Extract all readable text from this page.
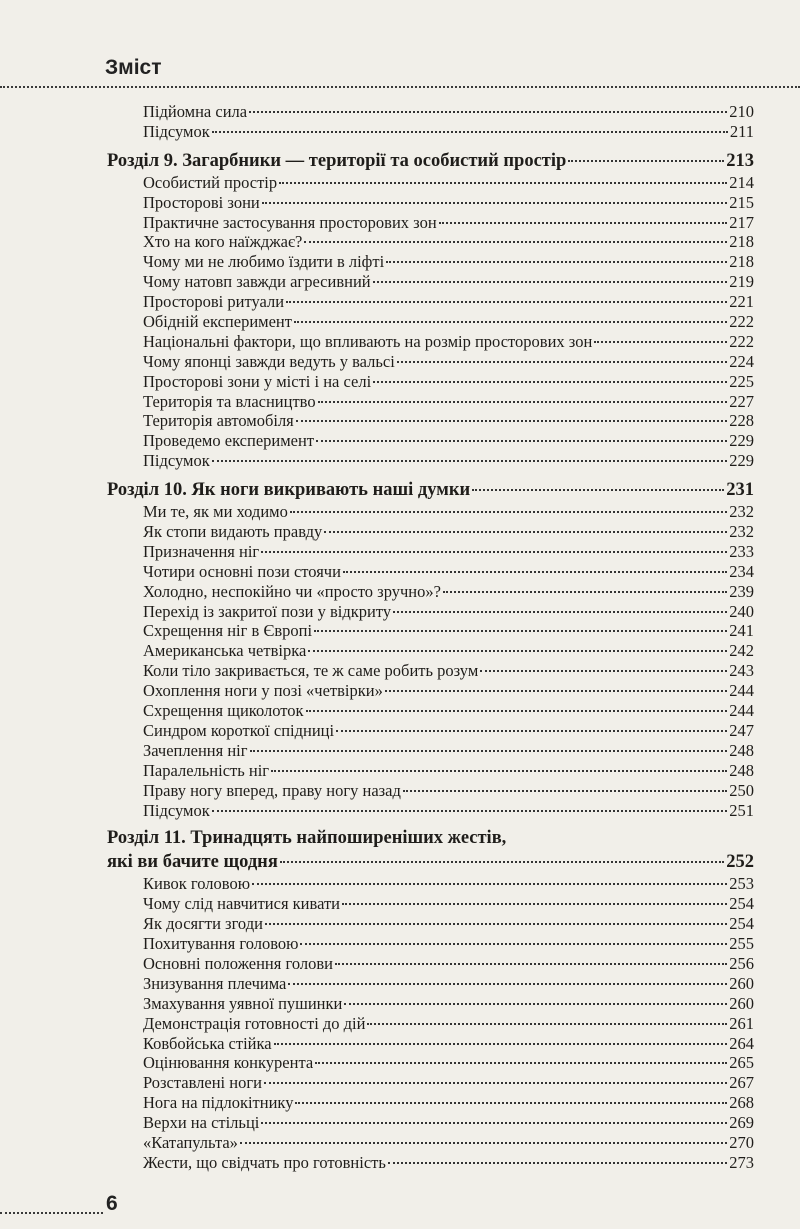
Зміст
Підйомна сила	210
Підсумок	211
Розділ 9. Загарбники — території та особистий простір	213
Особистий простір	214
Просторові зони	215
Практичне застосування просторових зон	217
Хто на кого наїжджає?	218
Чому ми не любимо їздити в ліфті	218
Чому натовп завжди агресивний	219
Просторові ритуали	221
Обідній експеримент	222
Національні фактори, що впливають на розмір просторових зон	222
Чому японці завжди ведуть у вальсі	224
Просторові зони у місті і на селі	225
Територія та власництво	227
Територія автомобіля	228
Проведемо експеримент	229
Підсумок	229
Розділ 10. Як ноги викривають наші думки	231
Ми те, як ми ходимо	232
Як стопи видають правду	232
Призначення ніг	233
Чотири основні пози стоячи	234
Холодно, неспокійно чи «просто зручно»?	239
Перехід із закритої пози у відкриту	240
Схрещення ніг в Європі	241
Американська четвірка	242
Коли тіло закривається, те ж саме робить розум	243
Охоплення ноги у позі «четвірки»	244
Схрещення щиколоток	244
Синдром короткої спідниці	247
Зачеплення ніг	248
Паралельність ніг	248
Праву ногу вперед, праву ногу назад	250
Підсумок	251
Розділ 11. Тринадцять найпоширеніших жестів,
які ви бачите щодня	252
Кивок головою	253
Чому слід навчитися кивати	254
Як досягти згоди	254
Похитування головою	255
Основні положення голови	256
Знизування плечима	260
Змахування уявної пушинки	260
Демонстрація готовності до дій	261
Ковбойська стійка	264
Оцінювання конкурента	265
Розставлені ноги	267
Нога на підлокітнику	268
Верхи на стільці	269
«Катапульта»	270
Жести, що свідчать про готовність	273
6
